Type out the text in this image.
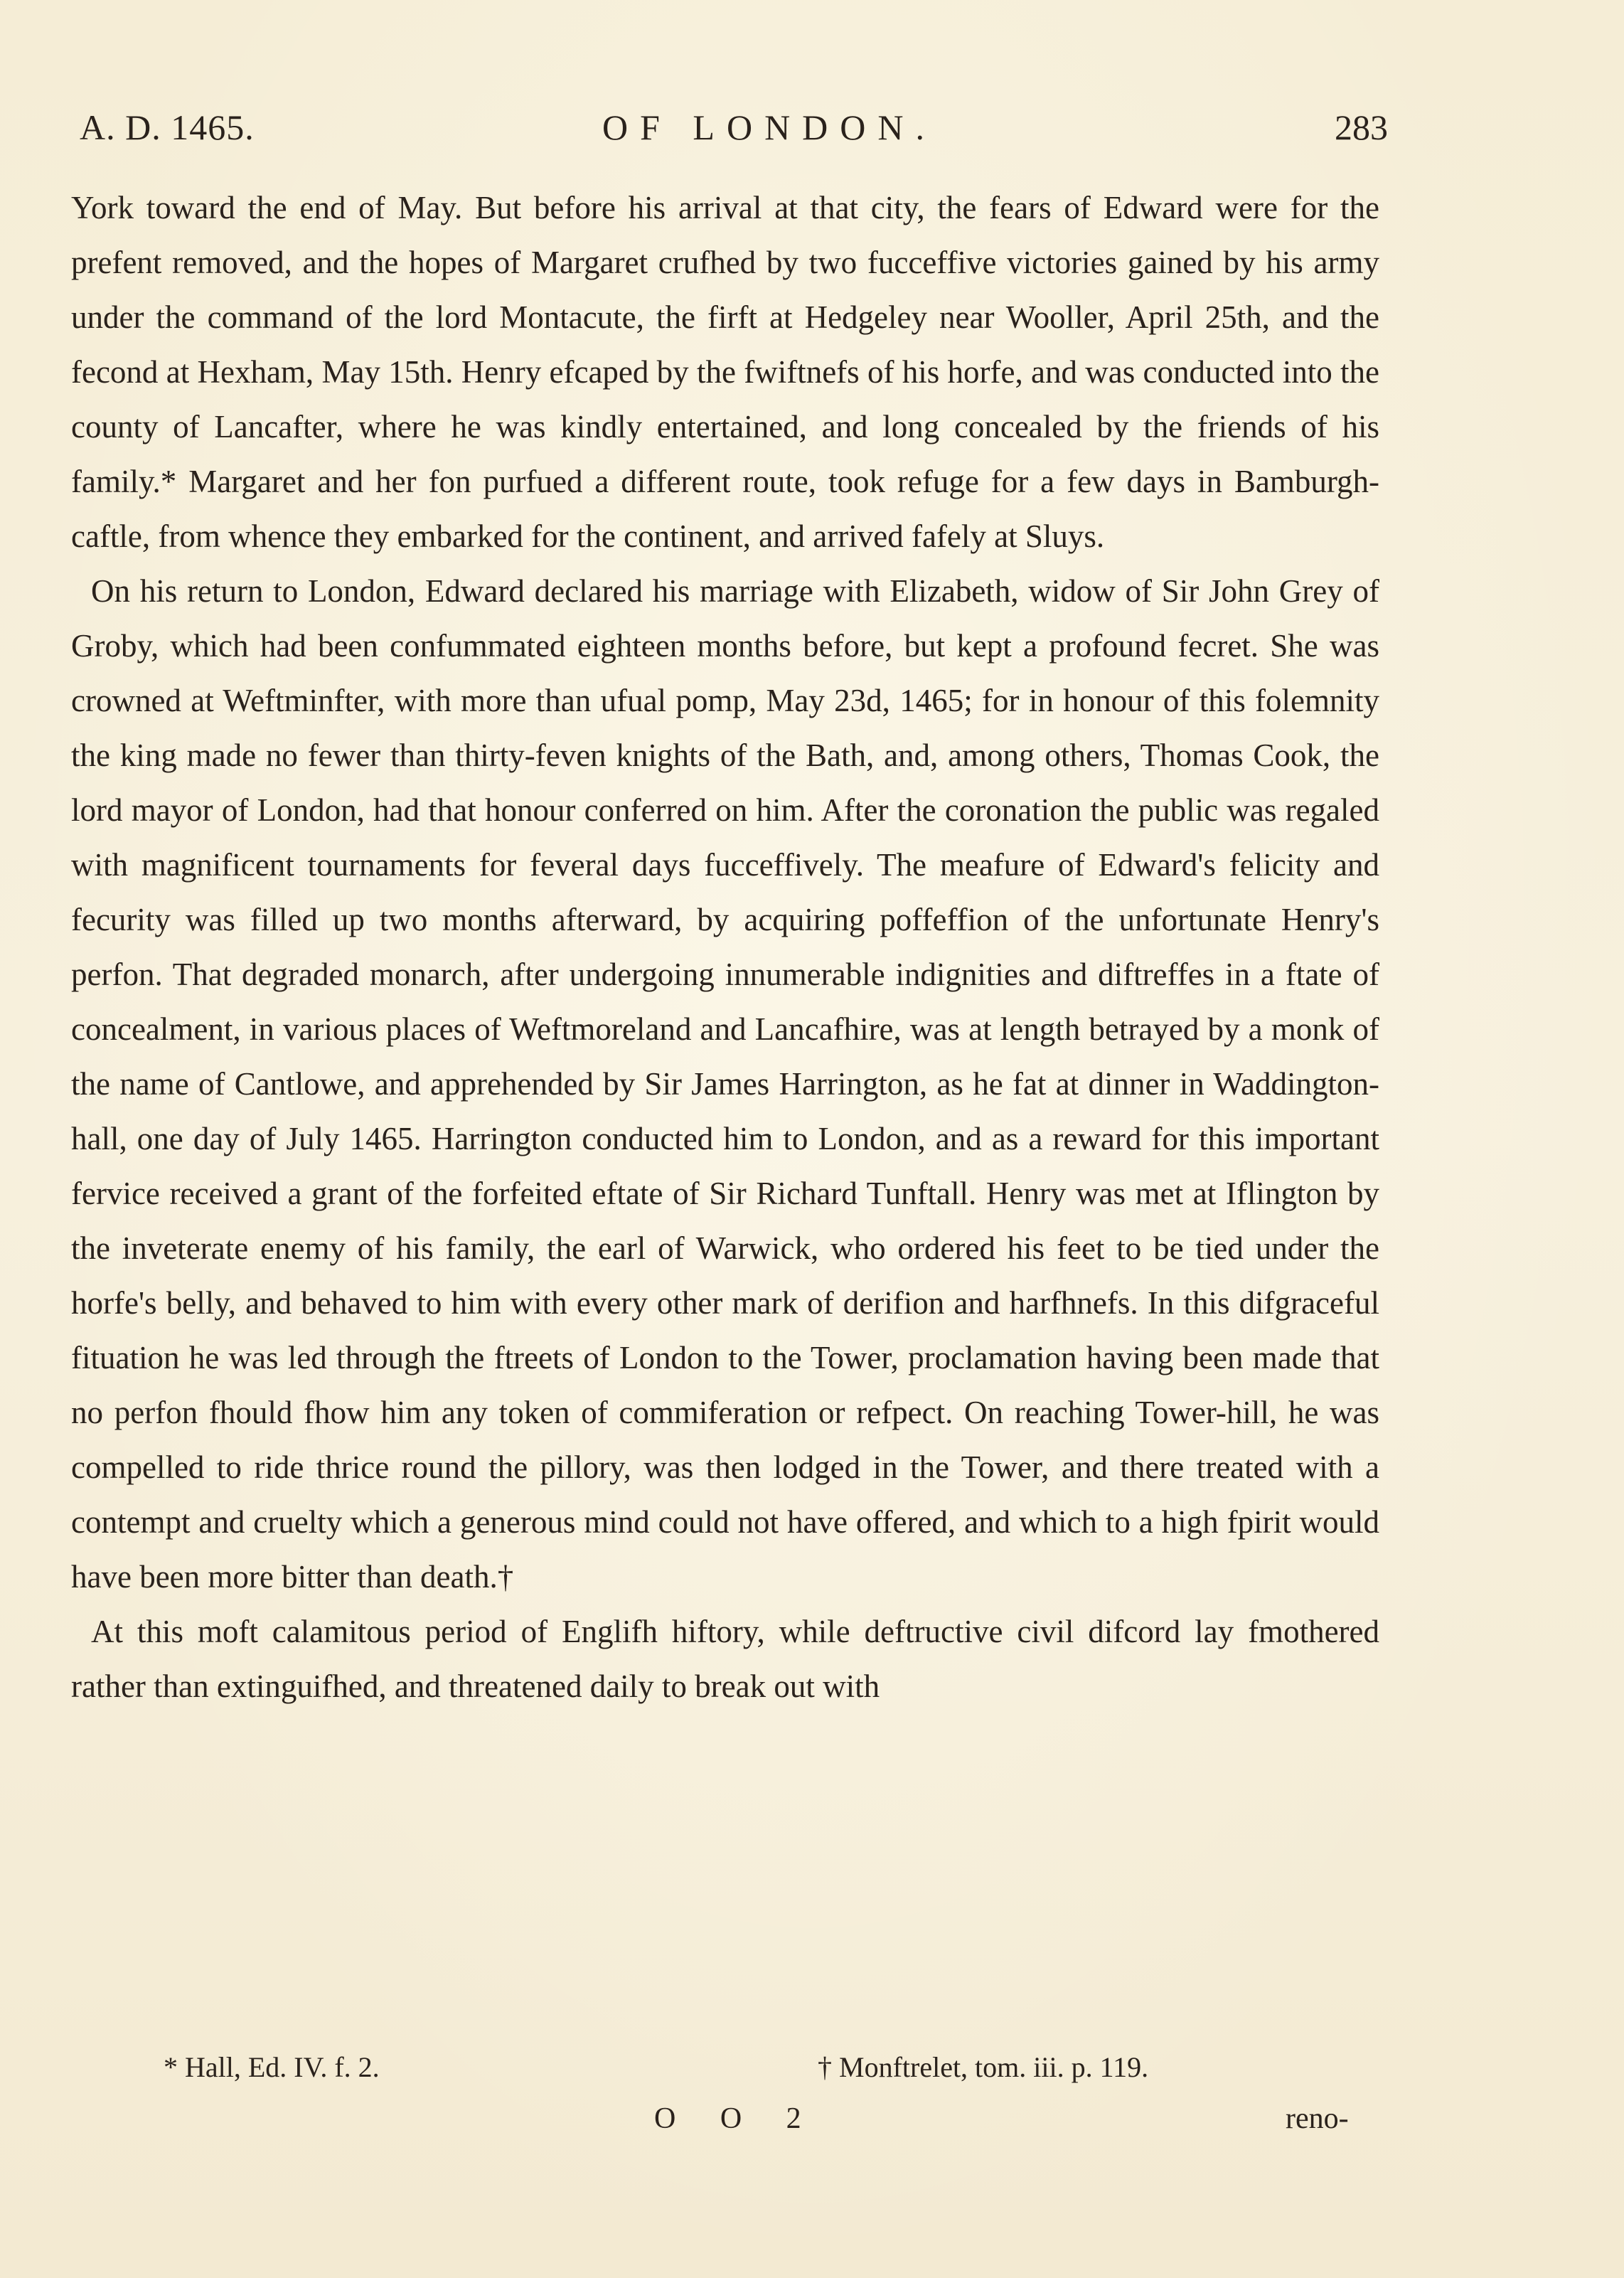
A. D. 1465.	OF LONDON.	283

York toward the end of May. But before his arrival at that city, the fears of Edward were for the prefent removed, and the hopes of Margaret crufhed by two fucceffive victories gained by his army under the command of the lord Montacute, the firft at Hedgeley near Wooller, April 25th, and the fecond at Hexham, May 15th. Henry efcaped by the fwiftnefs of his horfe, and was conducted into the county of Lancafter, where he was kindly entertained, and long concealed by the friends of his family.* Margaret and her fon purfued a different route, took refuge for a few days in Bamburgh-caftle, from whence they embarked for the continent, and arrived fafely at Sluys.

On his return to London, Edward declared his marriage with Elizabeth, widow of Sir John Grey of Groby, which had been confummated eighteen months before, but kept a profound fecret. She was crowned at Weftminfter, with more than ufual pomp, May 23d, 1465; for in honour of this folemnity the king made no fewer than thirty-feven knights of the Bath, and, among others, Thomas Cook, the lord mayor of London, had that honour conferred on him. After the coronation the public was regaled with magnificent tournaments for feveral days fucceffively. The meafure of Edward's felicity and fecurity was filled up two months afterward, by acquiring poffeffion of the unfortunate Henry's perfon. That degraded monarch, after undergoing innumerable indignities and diftreffes in a ftate of concealment, in various places of Weftmoreland and Lancafhire, was at length betrayed by a monk of the name of Cantlowe, and apprehended by Sir James Harrington, as he fat at dinner in Waddington-hall, one day of July 1465. Harrington conducted him to London, and as a reward for this important fervice received a grant of the forfeited eftate of Sir Richard Tunftall. Henry was met at Iflington by the inveterate enemy of his family, the earl of Warwick, who ordered his feet to be tied under the horfe's belly, and behaved to him with every other mark of derifion and harfhnefs. In this difgraceful fituation he was led through the ftreets of London to the Tower, proclamation having been made that no perfon fhould fhow him any token of commiferation or refpect. On reaching Tower-hill, he was compelled to ride thrice round the pillory, was then lodged in the Tower, and there treated with a contempt and cruelty which a generous mind could not have offered, and which to a high fpirit would have been more bitter than death.†

At this moft calamitous period of Englifh hiftory, while deftructive civil difcord lay fmothered rather than extinguifhed, and threatened daily to break out with

* Hall, Ed. IV. f. 2.	† Monftrelet, tom. iii. p. 119.
O O 2	reno-
